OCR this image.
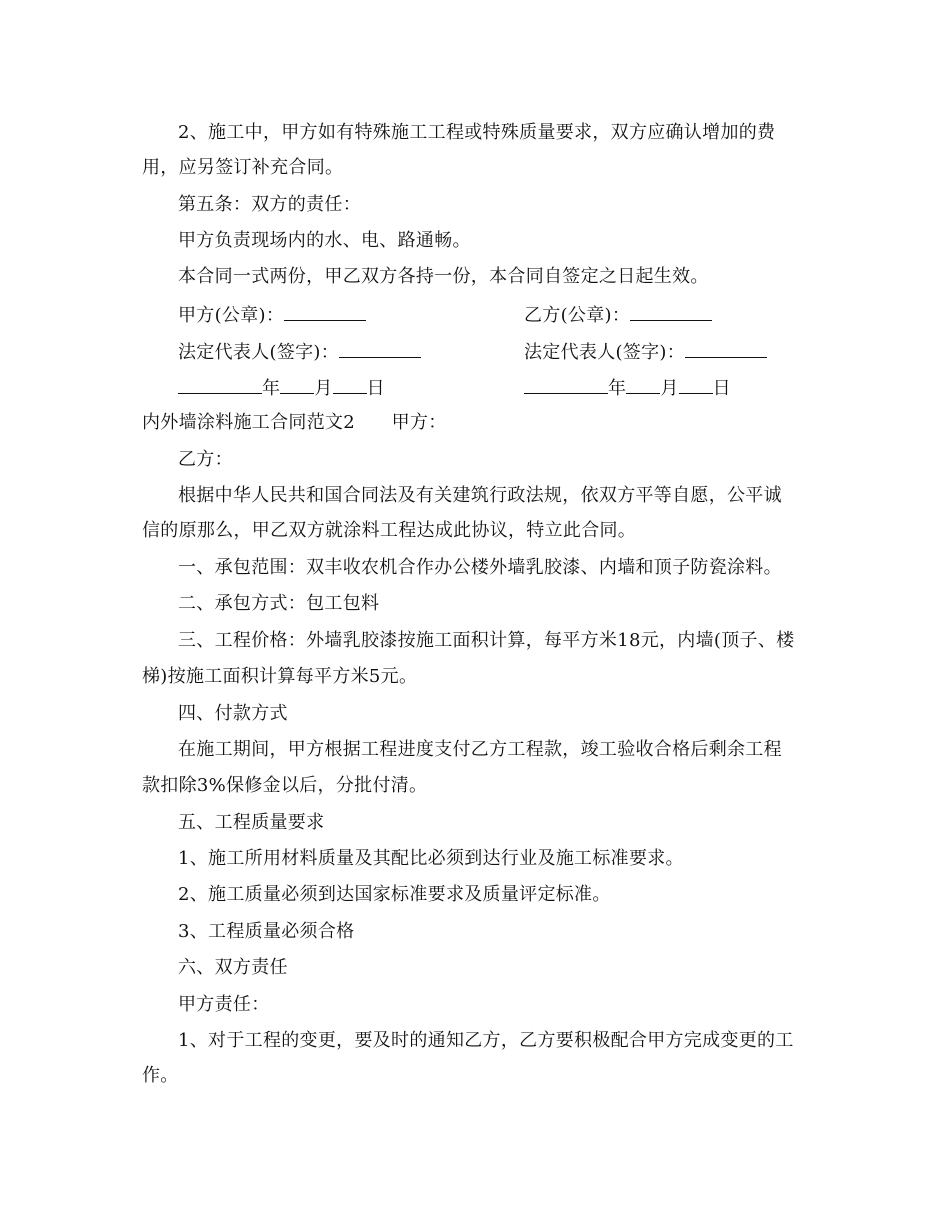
2、施工中，甲方如有特殊施工工程或特殊质量要求，双方应确认增加的费
用，应另签订补充合同。
第五条：双方的责任：
甲方负责现场内的水、电、路通畅。
本合同一式两份，甲乙双方各持一份，本合同自签定之日起生效。
甲方(公章)：	乙方(公章)：
法定代表人(签字)：	法定代表人(签字)：
年 月 日	年 月 日
内外墙涂料施工合同范文2　　甲方：
乙方：
根据中华人民共和国合同法及有关建筑行政法规，依双方平等自愿，公平诚
信的原那么，甲乙双方就涂料工程达成此协议，特立此合同。
一、承包范围：双丰收农机合作办公楼外墙乳胶漆、内墙和顶子防瓷涂料。
二、承包方式：包工包料
三、工程价格：外墙乳胶漆按施工面积计算，每平方米18元，内墙(顶子、楼
梯)按施工面积计算每平方米5元。
四、付款方式
在施工期间，甲方根据工程进度支付乙方工程款，竣工验收合格后剩余工程
款扣除3%保修金以后，分批付清。
五、工程质量要求
1、施工所用材料质量及其配比必须到达行业及施工标准要求。
2、施工质量必须到达国家标准要求及质量评定标准。
3、工程质量必须合格
六、双方责任
甲方责任：
1、对于工程的变更，要及时的通知乙方，乙方要积极配合甲方完成变更的工
作。
